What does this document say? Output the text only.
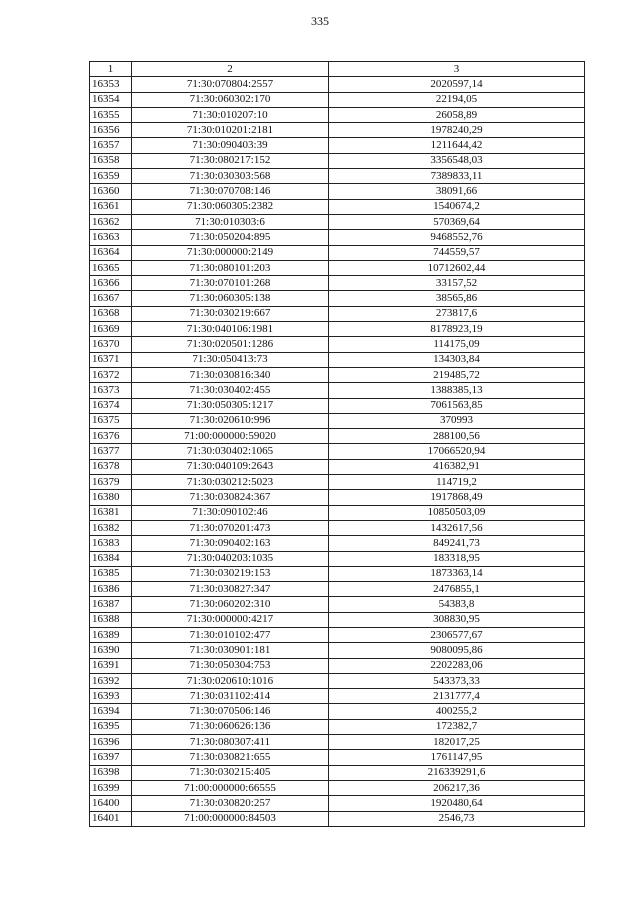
335
1	2	3
16353	71:30:070804:2557	2020597,14
16354	71:30:060302:170	22194,05
16355	71:30:010207:10	26058,89
16356	71:30:010201:2181	1978240,29
16357	71:30:090403:39	1211644,42
16358	71:30:080217:152	3356548,03
16359	71:30:030303:568	7389833,11
16360	71:30:070708:146	38091,66
16361	71:30:060305:2382	1540674,2
16362	71:30:010303:6	570369,64
16363	71:30:050204:895	9468552,76
16364	71:30:000000:2149	744559,57
16365	71:30:080101:203	10712602,44
16366	71:30:070101:268	33157,52
16367	71:30:060305:138	38565,86
16368	71:30:030219:667	273817,6
16369	71:30:040106:1981	8178923,19
16370	71:30:020501:1286	114175,09
16371	71:30:050413:73	134303,84
16372	71:30:030816:340	219485,72
16373	71:30:030402:455	1388385,13
16374	71:30:050305:1217	7061563,85
16375	71:30:020610:996	370993
16376	71:00:000000:59020	288100,56
16377	71:30:030402:1065	17066520,94
16378	71:30:040109:2643	416382,91
16379	71:30:030212:5023	114719,2
16380	71:30:030824:367	1917868,49
16381	71:30:090102:46	10850503,09
16382	71:30:070201:473	1432617,56
16383	71:30:090402:163	849241,73
16384	71:30:040203:1035	183318,95
16385	71:30:030219:153	1873363,14
16386	71:30:030827:347	2476855,1
16387	71:30:060202:310	54383,8
16388	71:30:000000:4217	308830,95
16389	71:30:010102:477	2306577,67
16390	71:30:030901:181	9080095,86
16391	71:30:050304:753	2202283,06
16392	71:30:020610:1016	543373,33
16393	71:30:031102:414	2131777,4
16394	71:30:070506:146	400255,2
16395	71:30:060626:136	172382,7
16396	71:30:080307:411	182017,25
16397	71:30:030821:655	1761147,95
16398	71:30:030215:405	216339291,6
16399	71:00:000000:66555	206217,36
16400	71:30:030820:257	1920480,64
16401	71:00:000000:84503	2546,73
